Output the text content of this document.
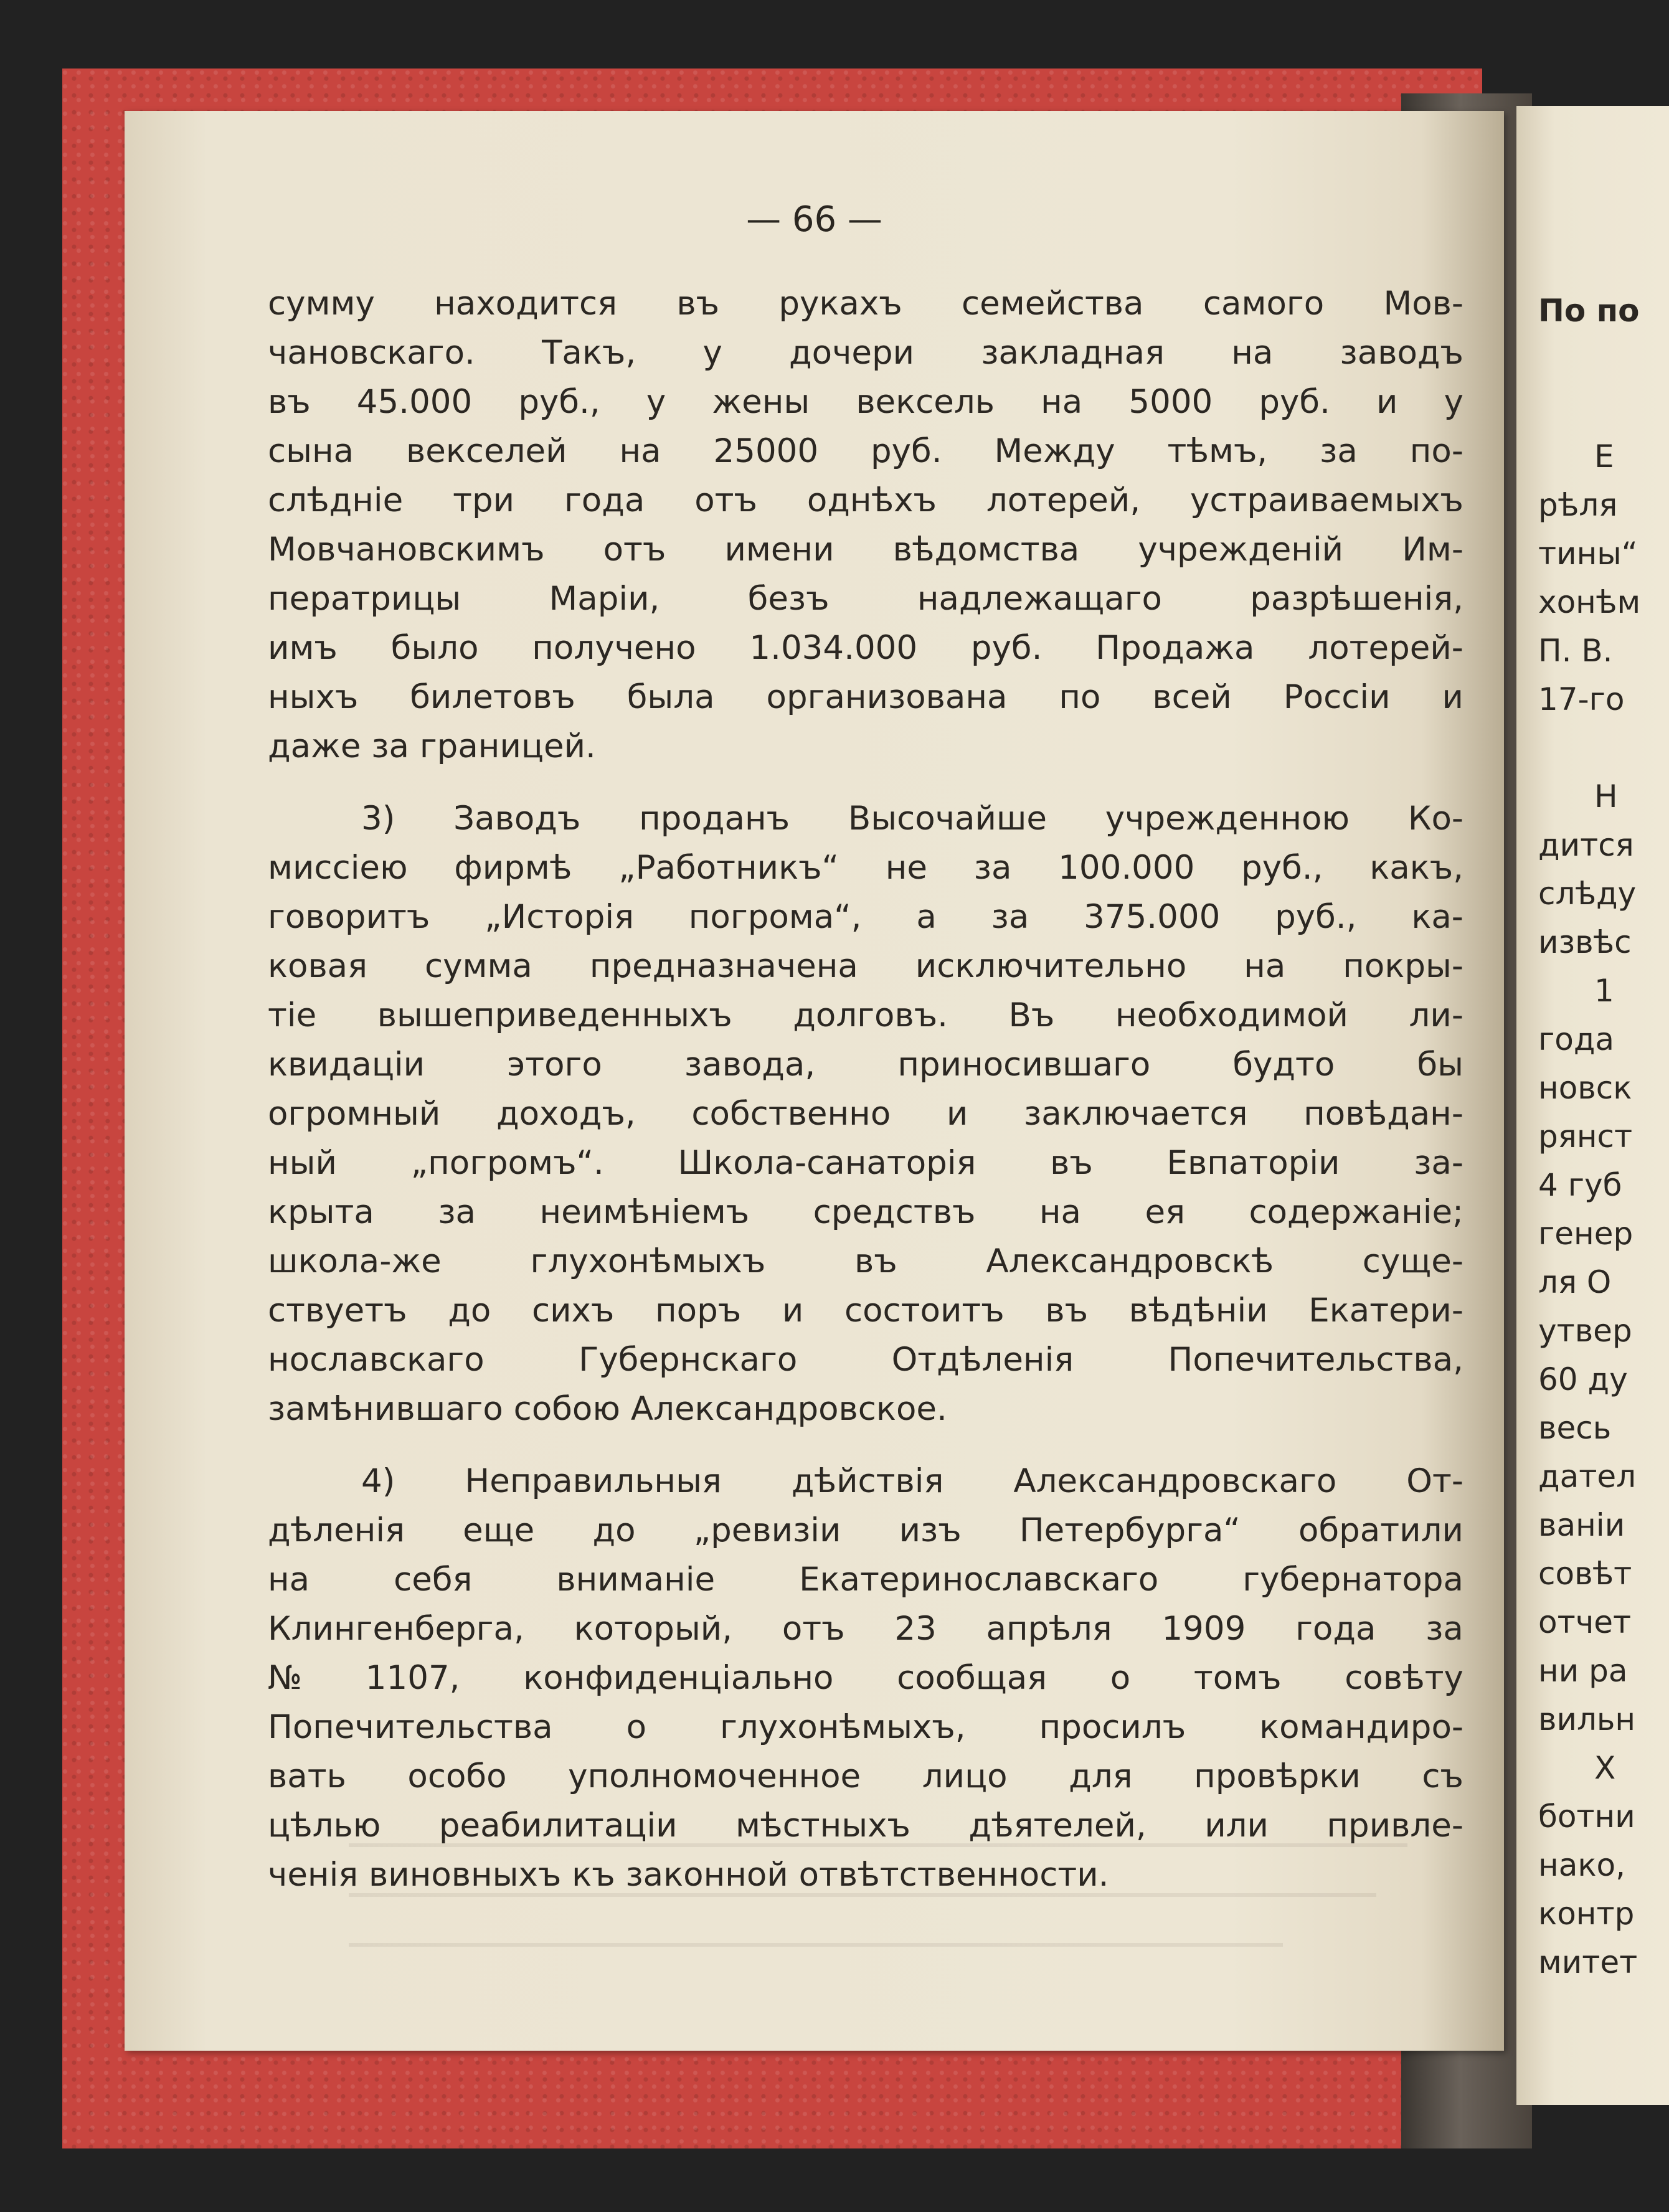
— 66 —
сумму находится въ рукахъ семейства самого Мов-
чановскаго. Такъ, у дочери закладная на заводъ
въ 45.000 руб., у жены вексель на 5000 руб. и у
сына векселей на 25000 руб. Между тѣмъ, за по-
слѣдніе три года отъ однѣхъ лотерей, устраиваемыхъ
Мовчановскимъ отъ имени вѣдомства учрежденій Им-
ператрицы	Маріи,	безъ	надлежащаго	разрѣшенія,
имъ было получено 1.034.000 руб. Продажа лотерей-
ныхъ билетовъ была организована по всей Россіи и
даже за границей.
3) Заводъ проданъ Высочайше учрежденною Ко-
миссіею фирмѣ „Работникъ“ не за 100.000 руб., какъ,
говоритъ „Исторія погрома“, а за 375.000 руб., ка-
ковая сумма предназначена исключительно на покры-
тіе вышеприведенныхъ долговъ. Въ необходимой ли-
квидаціи этого завода, приносившаго будто бы
огромный доходъ, собственно и заключается повѣдан-
ный „погромъ“. Школа-санаторія въ Евпаторіи за-
крыта за неимѣніемъ средствъ на ея содержаніе;
школа-же	глухонѣмыхъ	въ	Александровскѣ	суще-
ствуетъ до сихъ поръ и состоитъ въ вѣдѣніи Екатери-
нославскаго	Губернскаго	Отдѣленія	Попечительства,
замѣнившаго собою Александровское.
4) Неправильныя дѣйствія Александровскаго От-
дѣленія еще до „ревизіи изъ Петербурга“ обратили
на	себя	вниманіе	Екатеринославскаго	губернатора
Клингенберга, который, отъ 23 апрѣля 1909 года за
№ 1107, конфиденціально сообщая о томъ совѣту
Попечительства о глухонѣмыхъ, просилъ командиро-
вать особо уполномоченное лицо для провѣрки съ
цѣлью реабилитаціи мѣстныхъ дѣятелей, или привле-
ченія виновныхъ къ законной отвѣтственности.
По по
Е
рѣля
тины“
хонѣм
П. В.
17-го
Н
дится
слѣду
извѣс
1
года
новск
рянст
4 губ
генер
ля О
утвер
60 ду
весь
дател
ваніи
совѣт
отчет
ни ра
вильн
Х
ботни
нако,
контр
митет
